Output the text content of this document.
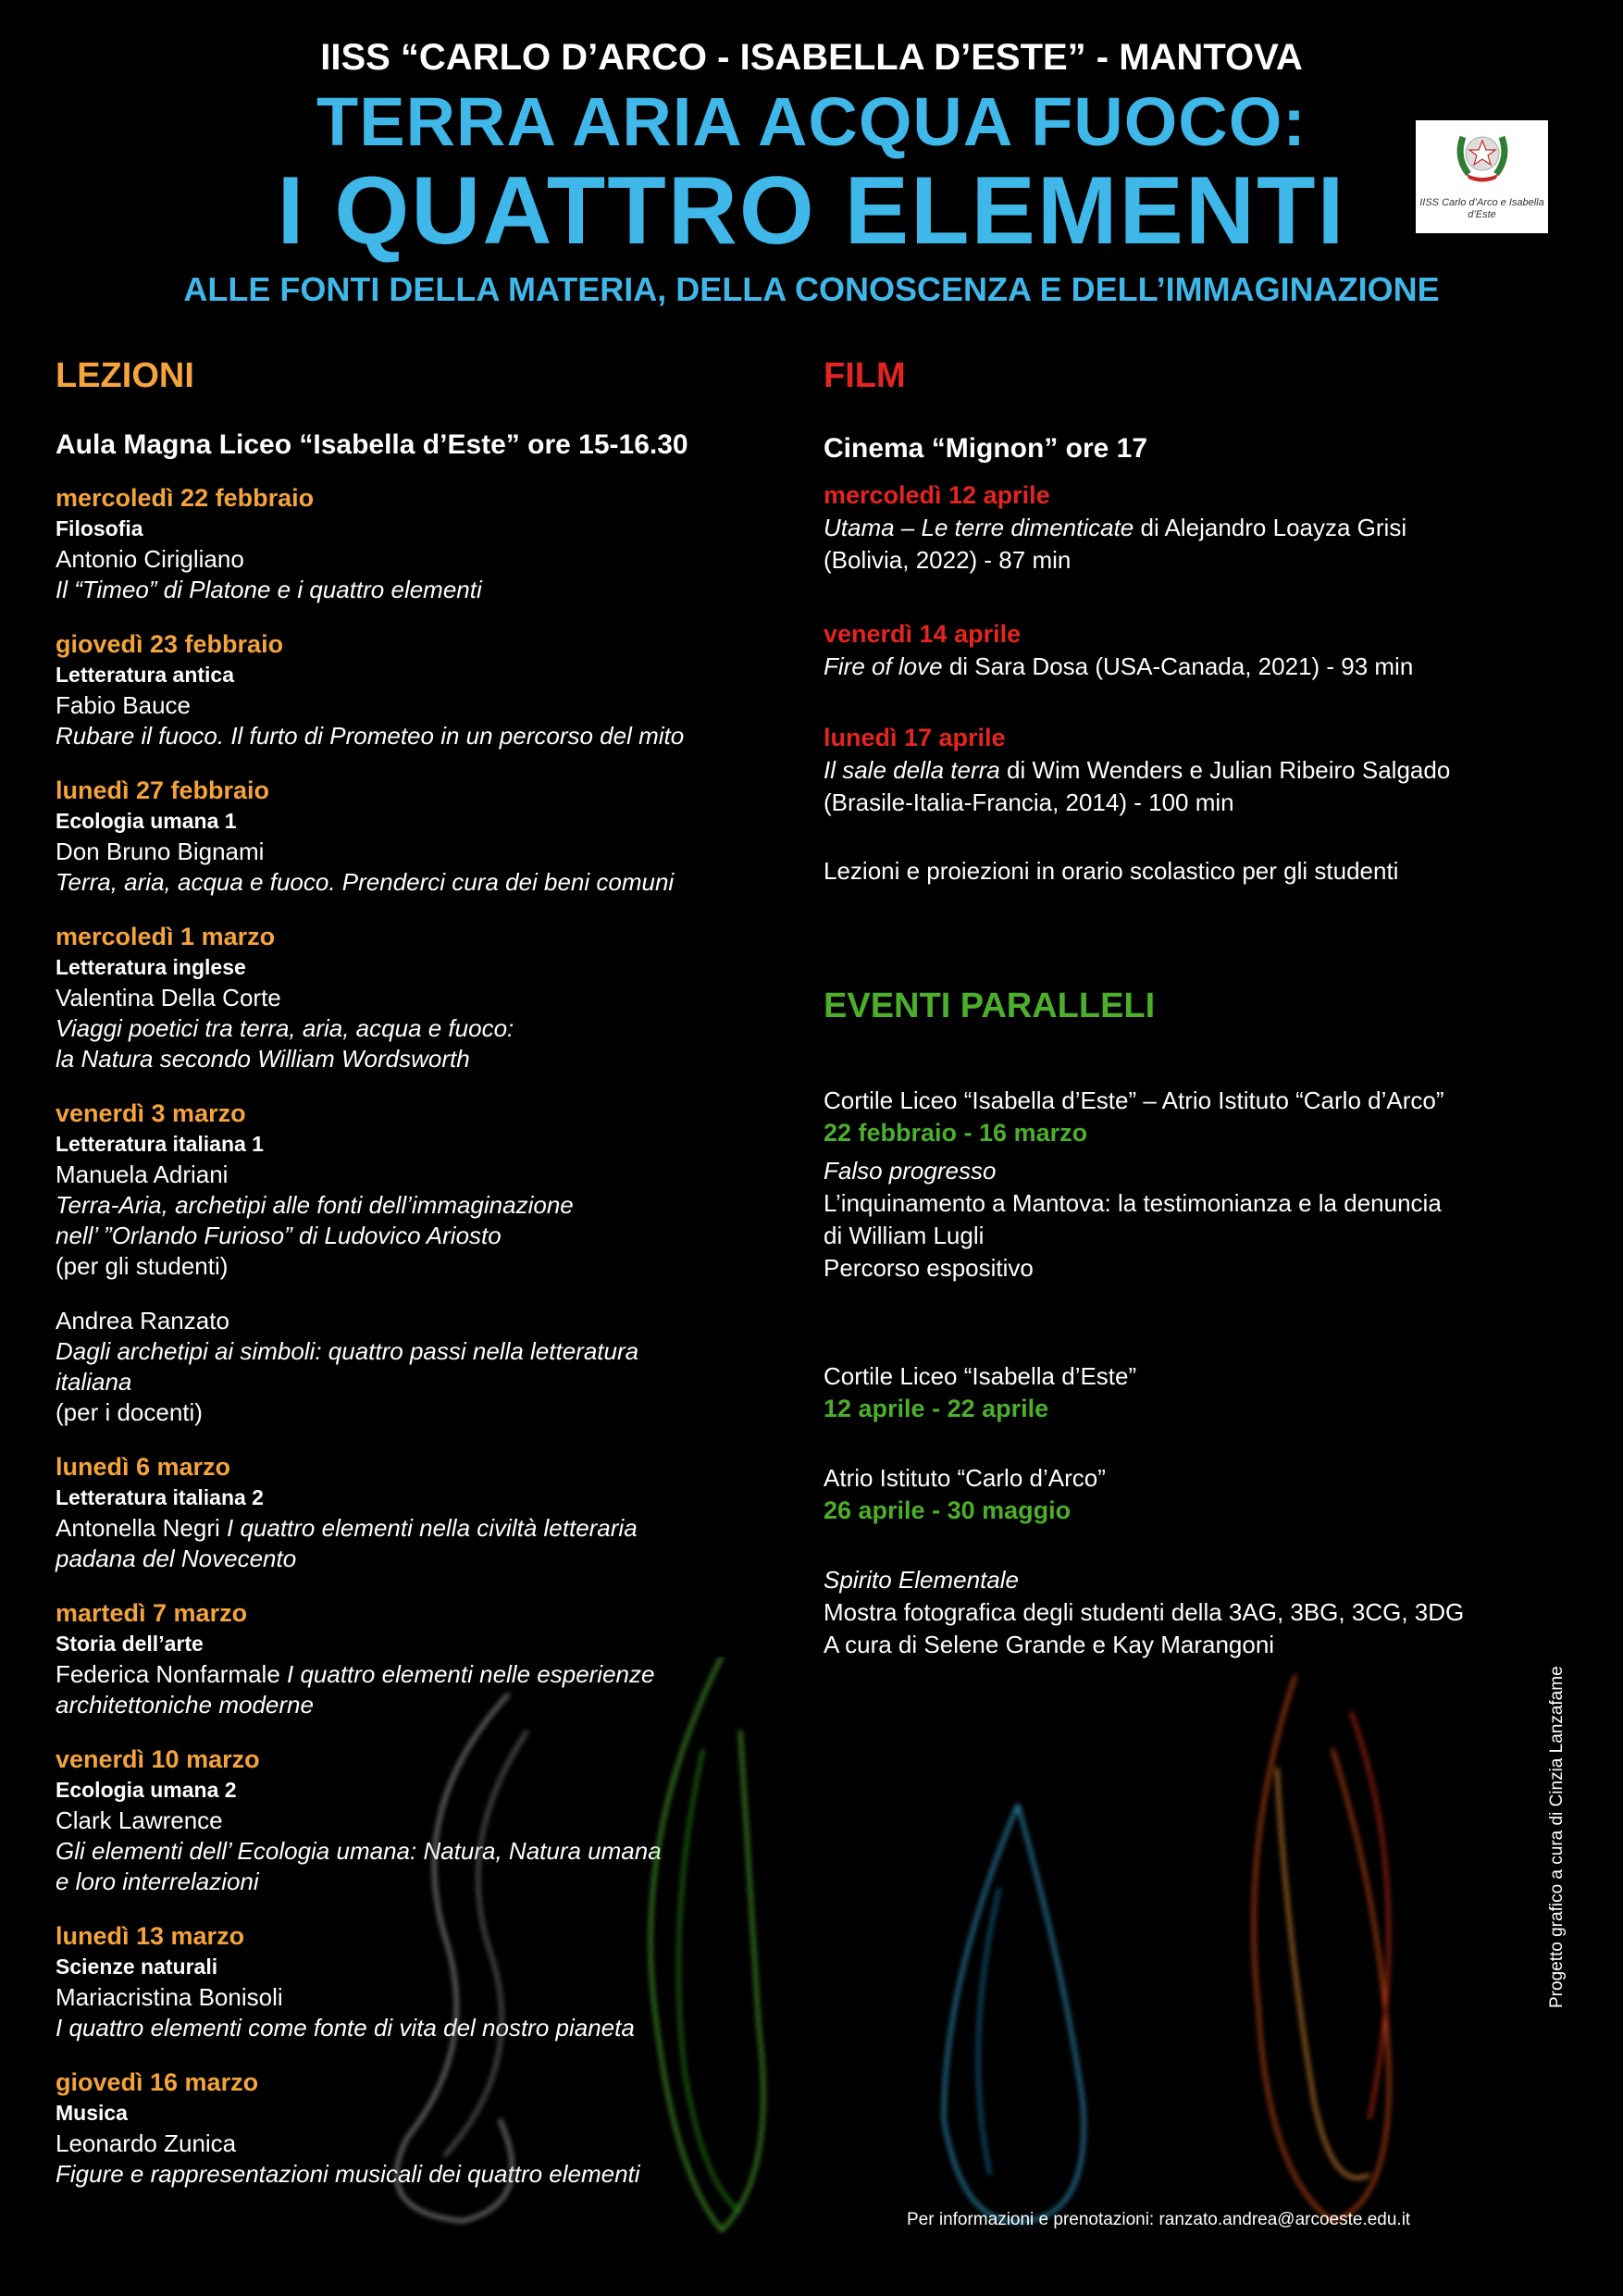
IISS “CARLO D’ARCO - ISABELLA D’ESTE” - MANTOVA
TERRA ARIA ACQUA FUOCO:
I QUATTRO ELEMENTI
ALLE FONTI DELLA MATERIA, DELLA CONOSCENZA E DELL’IMMAGINAZIONE
IISS Carlo d’Arco e Isabella d’Este
LEZIONI
Aula Magna Liceo “Isabella d’Este” ore 15-16.30
mercoledì 22 febbraio
Filosofia
Antonio Cirigliano
Il “Timeo” di Platone e i quattro elementi
giovedì 23 febbraio
Letteratura antica
Fabio Bauce
Rubare il fuoco. Il furto di Prometeo in un percorso del mito
lunedì 27 febbraio
Ecologia umana 1
Don Bruno Bignami
Terra, aria, acqua e fuoco. Prenderci cura dei beni comuni
mercoledì 1 marzo
Letteratura inglese
Valentina Della Corte
Viaggi poetici tra terra, aria, acqua e fuoco:
la Natura secondo William Wordsworth
venerdì 3 marzo
Letteratura italiana 1
Manuela Adriani
Terra-Aria, archetipi alle fonti dell’immaginazione
nell’ ”Orlando Furioso” di Ludovico Ariosto
(per gli studenti)
Andrea Ranzato
Dagli archetipi ai simboli: quattro passi nella letteratura
italiana
(per i docenti)
lunedì 6 marzo
Letteratura italiana 2
Antonella Negri I quattro elementi nella civiltà letteraria
padana del Novecento
martedì 7 marzo
Storia dell’arte
Federica Nonfarmale I quattro elementi nelle esperienze
architettoniche moderne
venerdì 10 marzo
Ecologia umana 2
Clark Lawrence
Gli elementi dell’ Ecologia umana: Natura, Natura umana
e loro interrelazioni
lunedì 13 marzo
Scienze naturali
Mariacristina Bonisoli
I quattro elementi come fonte di vita del nostro pianeta
giovedì 16 marzo
Musica
Leonardo Zunica
Figure e rappresentazioni musicali dei quattro elementi
FILM
Cinema “Mignon” ore 17
mercoledì 12 aprile
Utama – Le terre dimenticate di Alejandro Loayza Grisi
(Bolivia, 2022) - 87 min
venerdì 14 aprile
Fire of love di Sara Dosa (USA-Canada, 2021) - 93 min
lunedì 17 aprile
Il sale della terra di Wim Wenders e Julian Ribeiro Salgado
(Brasile-Italia-Francia, 2014) - 100 min
Lezioni e proiezioni in orario scolastico per gli studenti
EVENTI PARALLELI
Cortile Liceo “Isabella d’Este” – Atrio Istituto “Carlo d’Arco”
22 febbraio - 16 marzo
Falso progresso
L’inquinamento a Mantova: la testimonianza e la denuncia
di William Lugli
Percorso espositivo
Cortile Liceo “Isabella d’Este”
12 aprile - 22 aprile
Atrio Istituto “Carlo d’Arco”
26 aprile - 30 maggio
Spirito Elementale
Mostra fotografica degli studenti della 3AG, 3BG, 3CG, 3DG
A cura di Selene Grande e Kay Marangoni
Per informazioni e prenotazioni: ranzato.andrea@arcoeste.edu.it
Progetto grafico a cura di Cinzia Lanzafame
